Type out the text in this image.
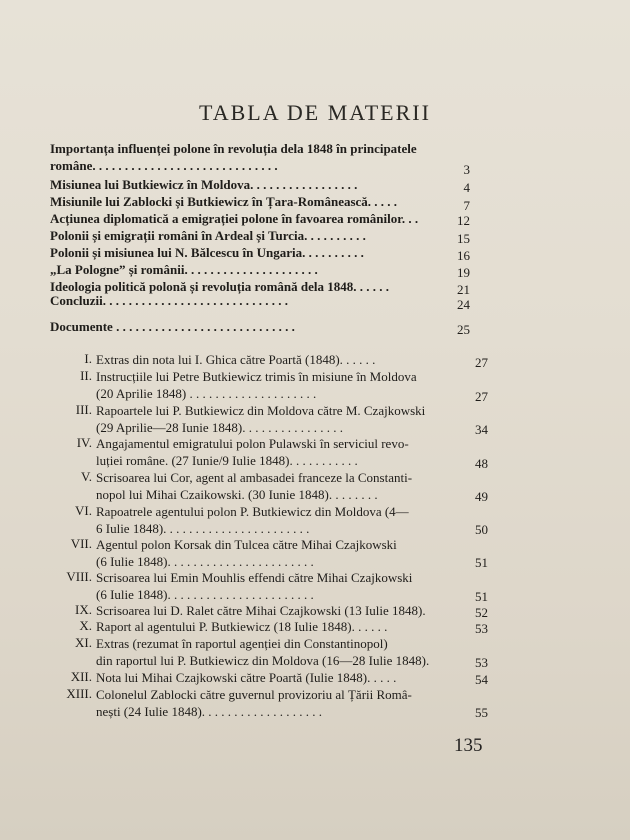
TABLA DE MATERII
Importanța influenței polone în revoluția dela 1848 în principatele
române. . . . . . . . . . . . . . . . . . . . . . . . . . . . .	3
Misiunea lui Butkiewicz în Moldova. . . . . . . . . . . . . . . . .	4
Misiunile lui Zablocki și Butkiewicz în Țara-Românească. . . . .	7
Acțiunea diplomatică a emigrației polone în favoarea românilor. . .	12
Polonii și emigrații români în Ardeal și Turcia. . . . . . . . . .	15
Polonii și misiunea lui N. Bălcescu în Ungaria. . . . . . . . . .	16
„La Pologne” și românii. . . . . . . . . . . . . . . . . . . . .	19
Ideologia politică polonă și revoluția română dela 1848. . . . . .	21
Concluzii. . . . . . . . . . . . . . . . . . . . . . . . . . . . .	24
Documente . . . . . . . . . . . . . . . . . . . . . . . . . . . .	25
I. Extras din nota lui I. Ghica către Poartă (1848). . . . . .	27
II. Instrucțiile lui Petre Butkiewicz trimis în misiune în Moldova
(20 Aprilie 1848) . . . . . . . . . . . . . . . . . . . .	27
III. Rapoartele lui P. Butkiewicz din Moldova către M. Czajkowski
(29 Aprilie—28 Iunie 1848). . . . . . . . . . . . . . . .	34
IV. Angajamentul emigratului polon Pulawski în serviciul revo-
luției române. (27 Iunie/9 Iulie 1848). . . . . . . . . . .	48
V. Scrisoarea lui Cor, agent al ambasadei franceze la Constanti-
nopol lui Mihai Czaikowski. (30 Iunie 1848). . . . . . . .	49
VI. Rapoatrele agentului polon P. Butkiewicz din Moldova (4—
6 Iulie 1848). . . . . . . . . . . . . . . . . . . . . . .	50
VII. Agentul polon Korsak din Tulcea către Mihai Czajkowski
(6 Iulie 1848). . . . . . . . . . . . . . . . . . . . . . .	51
VIII. Scrisoarea lui Emin Mouhlis effendi către Mihai Czajkowski
(6 Iulie 1848). . . . . . . . . . . . . . . . . . . . . . .	51
IX. Scrisoarea lui D. Ralet către Mihai Czajkowski (13 Iulie 1848).	52
X. Raport al agentului P. Butkiewicz (18 Iulie 1848). . . . . .	53
XI. Extras (rezumat în raportul agenției din Constantinopol)
din raportul lui P. Butkiewicz din Moldova (16—28 Iulie 1848).	53
XII. Nota lui Mihai Czajkowski către Poartă (Iulie 1848). . . . .	54
XIII. Colonelul Zablocki către guvernul provizoriu al Țării Româ-
nești (24 Iulie 1848). . . . . . . . . . . . . . . . . . .	55
135
